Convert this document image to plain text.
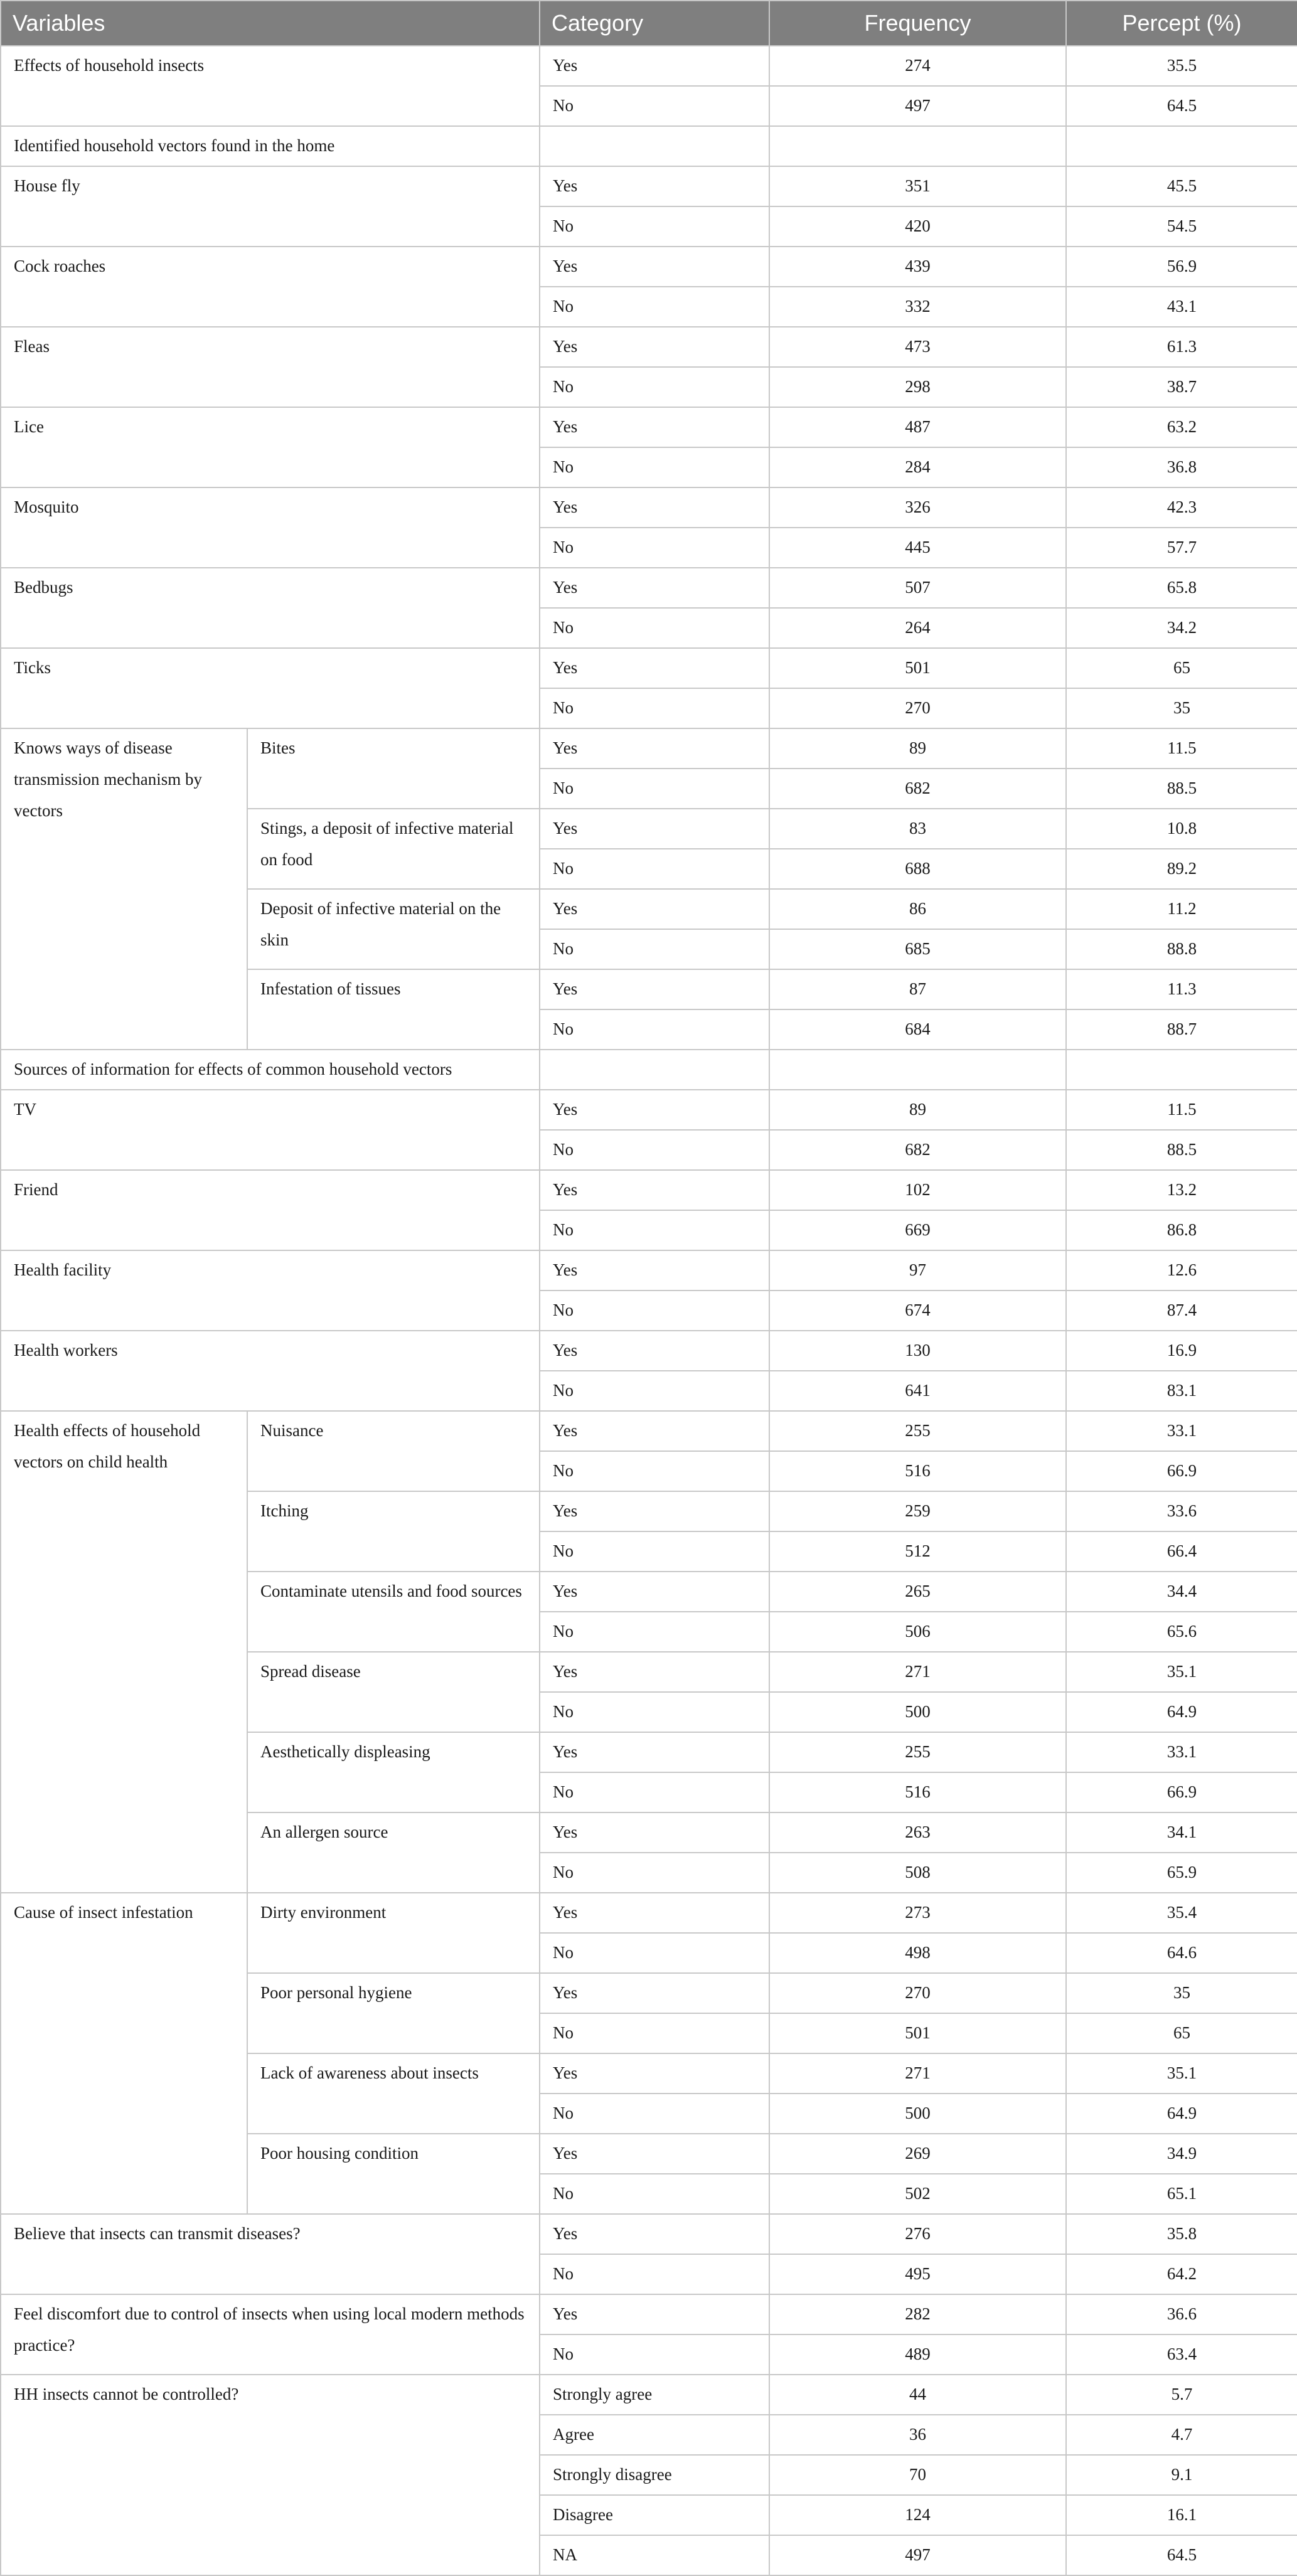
Variables		Category	Frequency	Percept (%)
Effects of household insects		Yes	274	35.5
		No	497	64.5
Identified household vectors found in the home				
House fly		Yes	351	45.5
		No	420	54.5
Cock roaches		Yes	439	56.9
		No	332	43.1
Fleas		Yes	473	61.3
		No	298	38.7
Lice		Yes	487	63.2
		No	284	36.8
Mosquito		Yes	326	42.3
		No	445	57.7
Bedbugs		Yes	507	65.8
		No	264	34.2
Ticks		Yes	501	65
		No	270	35
Knows ways of disease transmission mechanism by vectors	Bites	Yes	89	11.5
		No	682	88.5
	Stings, a deposit of infective material on food	Yes	83	10.8
		No	688	89.2
	Deposit of infective material on the skin	Yes	86	11.2
		No	685	88.8
	Infestation of tissues	Yes	87	11.3
		No	684	88.7
Sources of information for effects of common household vectors				
TV		Yes	89	11.5
		No	682	88.5
Friend		Yes	102	13.2
		No	669	86.8
Health facility		Yes	97	12.6
		No	674	87.4
Health workers		Yes	130	16.9
		No	641	83.1
Health effects of household vectors on child health	Nuisance	Yes	255	33.1
		No	516	66.9
	Itching	Yes	259	33.6
		No	512	66.4
	Contaminate utensils and food sources	Yes	265	34.4
		No	506	65.6
	Spread disease	Yes	271	35.1
		No	500	64.9
	Aesthetically displeasing	Yes	255	33.1
		No	516	66.9
	An allergen source	Yes	263	34.1
		No	508	65.9
Cause of insect infestation	Dirty environment	Yes	273	35.4
		No	498	64.6
	Poor personal hygiene	Yes	270	35
		No	501	65
	Lack of awareness about insects	Yes	271	35.1
		No	500	64.9
	Poor housing condition	Yes	269	34.9
		No	502	65.1
Believe that insects can transmit diseases?		Yes	276	35.8
		No	495	64.2
Feel discomfort due to control of insects when using local modern methods practice?		Yes	282	36.6
		No	489	63.4
HH insects cannot be controlled?		Strongly agree	44	5.7
		Agree	36	4.7
		Strongly disagree	70	9.1
		Disagree	124	16.1
		NA	497	64.5
